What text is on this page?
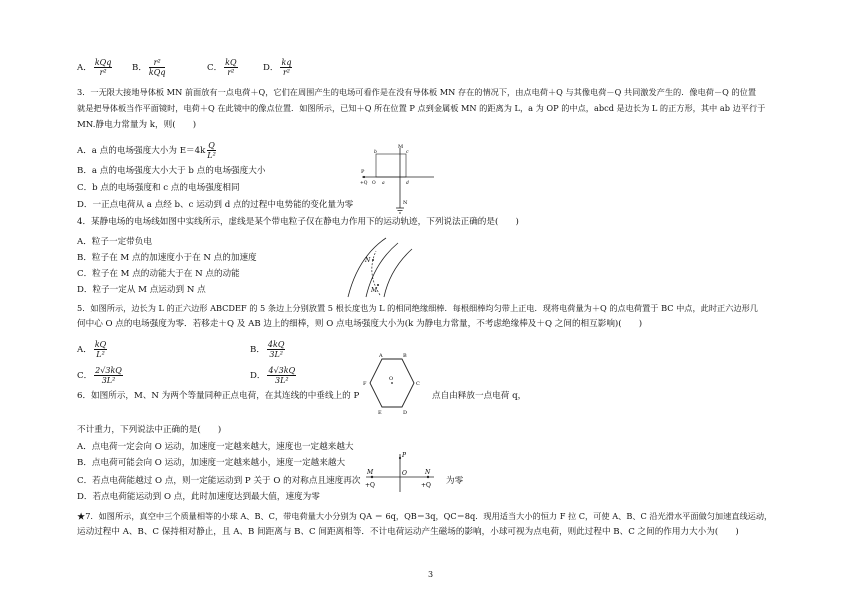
A． $\frac{\text{kQq}}{\text{r²}}$ B． $\frac{\text{r²}}{\text{kQq}}$	C． $\frac{kQ}{\text{r²}}$	D． $\frac{kq}{\text{r²}}$
3．一无限大接地导体板 MN 前面放有一点电荷＋Q，它们在周围产生的电场可看作是在没有导体板 MN 存在的情况下，由点电荷＋Q 与其像电荷－Q 共同激发产生的．像电荷－Q 的位置
就是把导体板当作平面镜时，电荷＋Q 在此镜中的像点位置．如图所示，已知＋Q 所在位置 P 点到金属板 MN 的距离为 L，a 为 OP 的中点，abcd 是边长为 L 的正方形，其中 ab 边平行于
MN.静电力常量为 k，则(　　)
A．a 点的电场强度大小为 $E=4k \frac{Q}{\text{L²}}$
B．a 点的电场强度大小大于 b 点的电场强度大小
C．b 点的电场强度和 c 点的电场强度相同
D．一正点电荷从 a 点经 b、c 运动到 d 点的过程中电势能的变化量为零
M
N
P
+Q O a
b	c
d
4．某静电场的电场线如图中实线所示，虚线是某个带电粒子仅在静电力作用下的运动轨迹，下列说法正确的是(　　)
A．粒子一定带负电
B．粒子在 M 点的加速度小于在 N 点的加速度
C．粒子在 M 点的动能大于在 N 点的动能
D．粒子一定从 M 点运动到 N 点
N
M
5．如图所示，边长为 L 的正六边形 ABCDEF 的 5 条边上分别放置 5 根长度也为 L 的相同绝缘细棒．每根细棒均匀带上正电．现将电荷量为＋Q 的点电荷置于 BC 中点，此时正六边形几
何中心 O 点的电场强度为零．若移走＋Q 及 AB 边上的细棒，则 O 点电场强度大小为(k 为静电力常量，不考虑绝缘棒及＋Q 之间的相互影响)(　　)
A． $\frac{kQ}{\text{L²}}$	B． $\frac{4kQ}{\text{3L²}}$
C． $\frac{2√3kQ}{\text{3L²}}$	D． $\frac{4√3kQ}{\text{3L²}}$
A	B
C
D
E
F
O
6．如图所示，M、N 为两个等量同种正点电荷，在其连线的中垂线上的 P	点自由释放一点电荷 q，
不计重力，下列说法中正确的是(　　)
A．点电荷一定会向 O 运动，加速度一定越来越大，速度也一定越来越大
B．点电荷可能会向 O 运动，加速度一定越来越小，速度一定越来越大
C．若点电荷能越过 O 点，则一定能运动到 P 关于 O 的对称点且速度再次	为零
D．若点电荷能运动到 O 点，此时加速度达到最大值，速度为零
P
M	O	N
+Q	+Q
★7．如图所示，真空中三个质量相等的小球 A、B、C，带电荷量大小分别为 QA ＝ 6q，QB＝3q，QC＝8q．现用适当大小的恒力 F 拉 C，可使 A、B、C 沿光滑水平面做匀加速直线运动，
运动过程中 A、B、C 保持相对静止，且 A、B 间距离与 B、C 间距离相等．不计电荷运动产生磁场的影响，小球可视为点电荷，则此过程中 B、C 之间的作用力大小为(　　)
3
